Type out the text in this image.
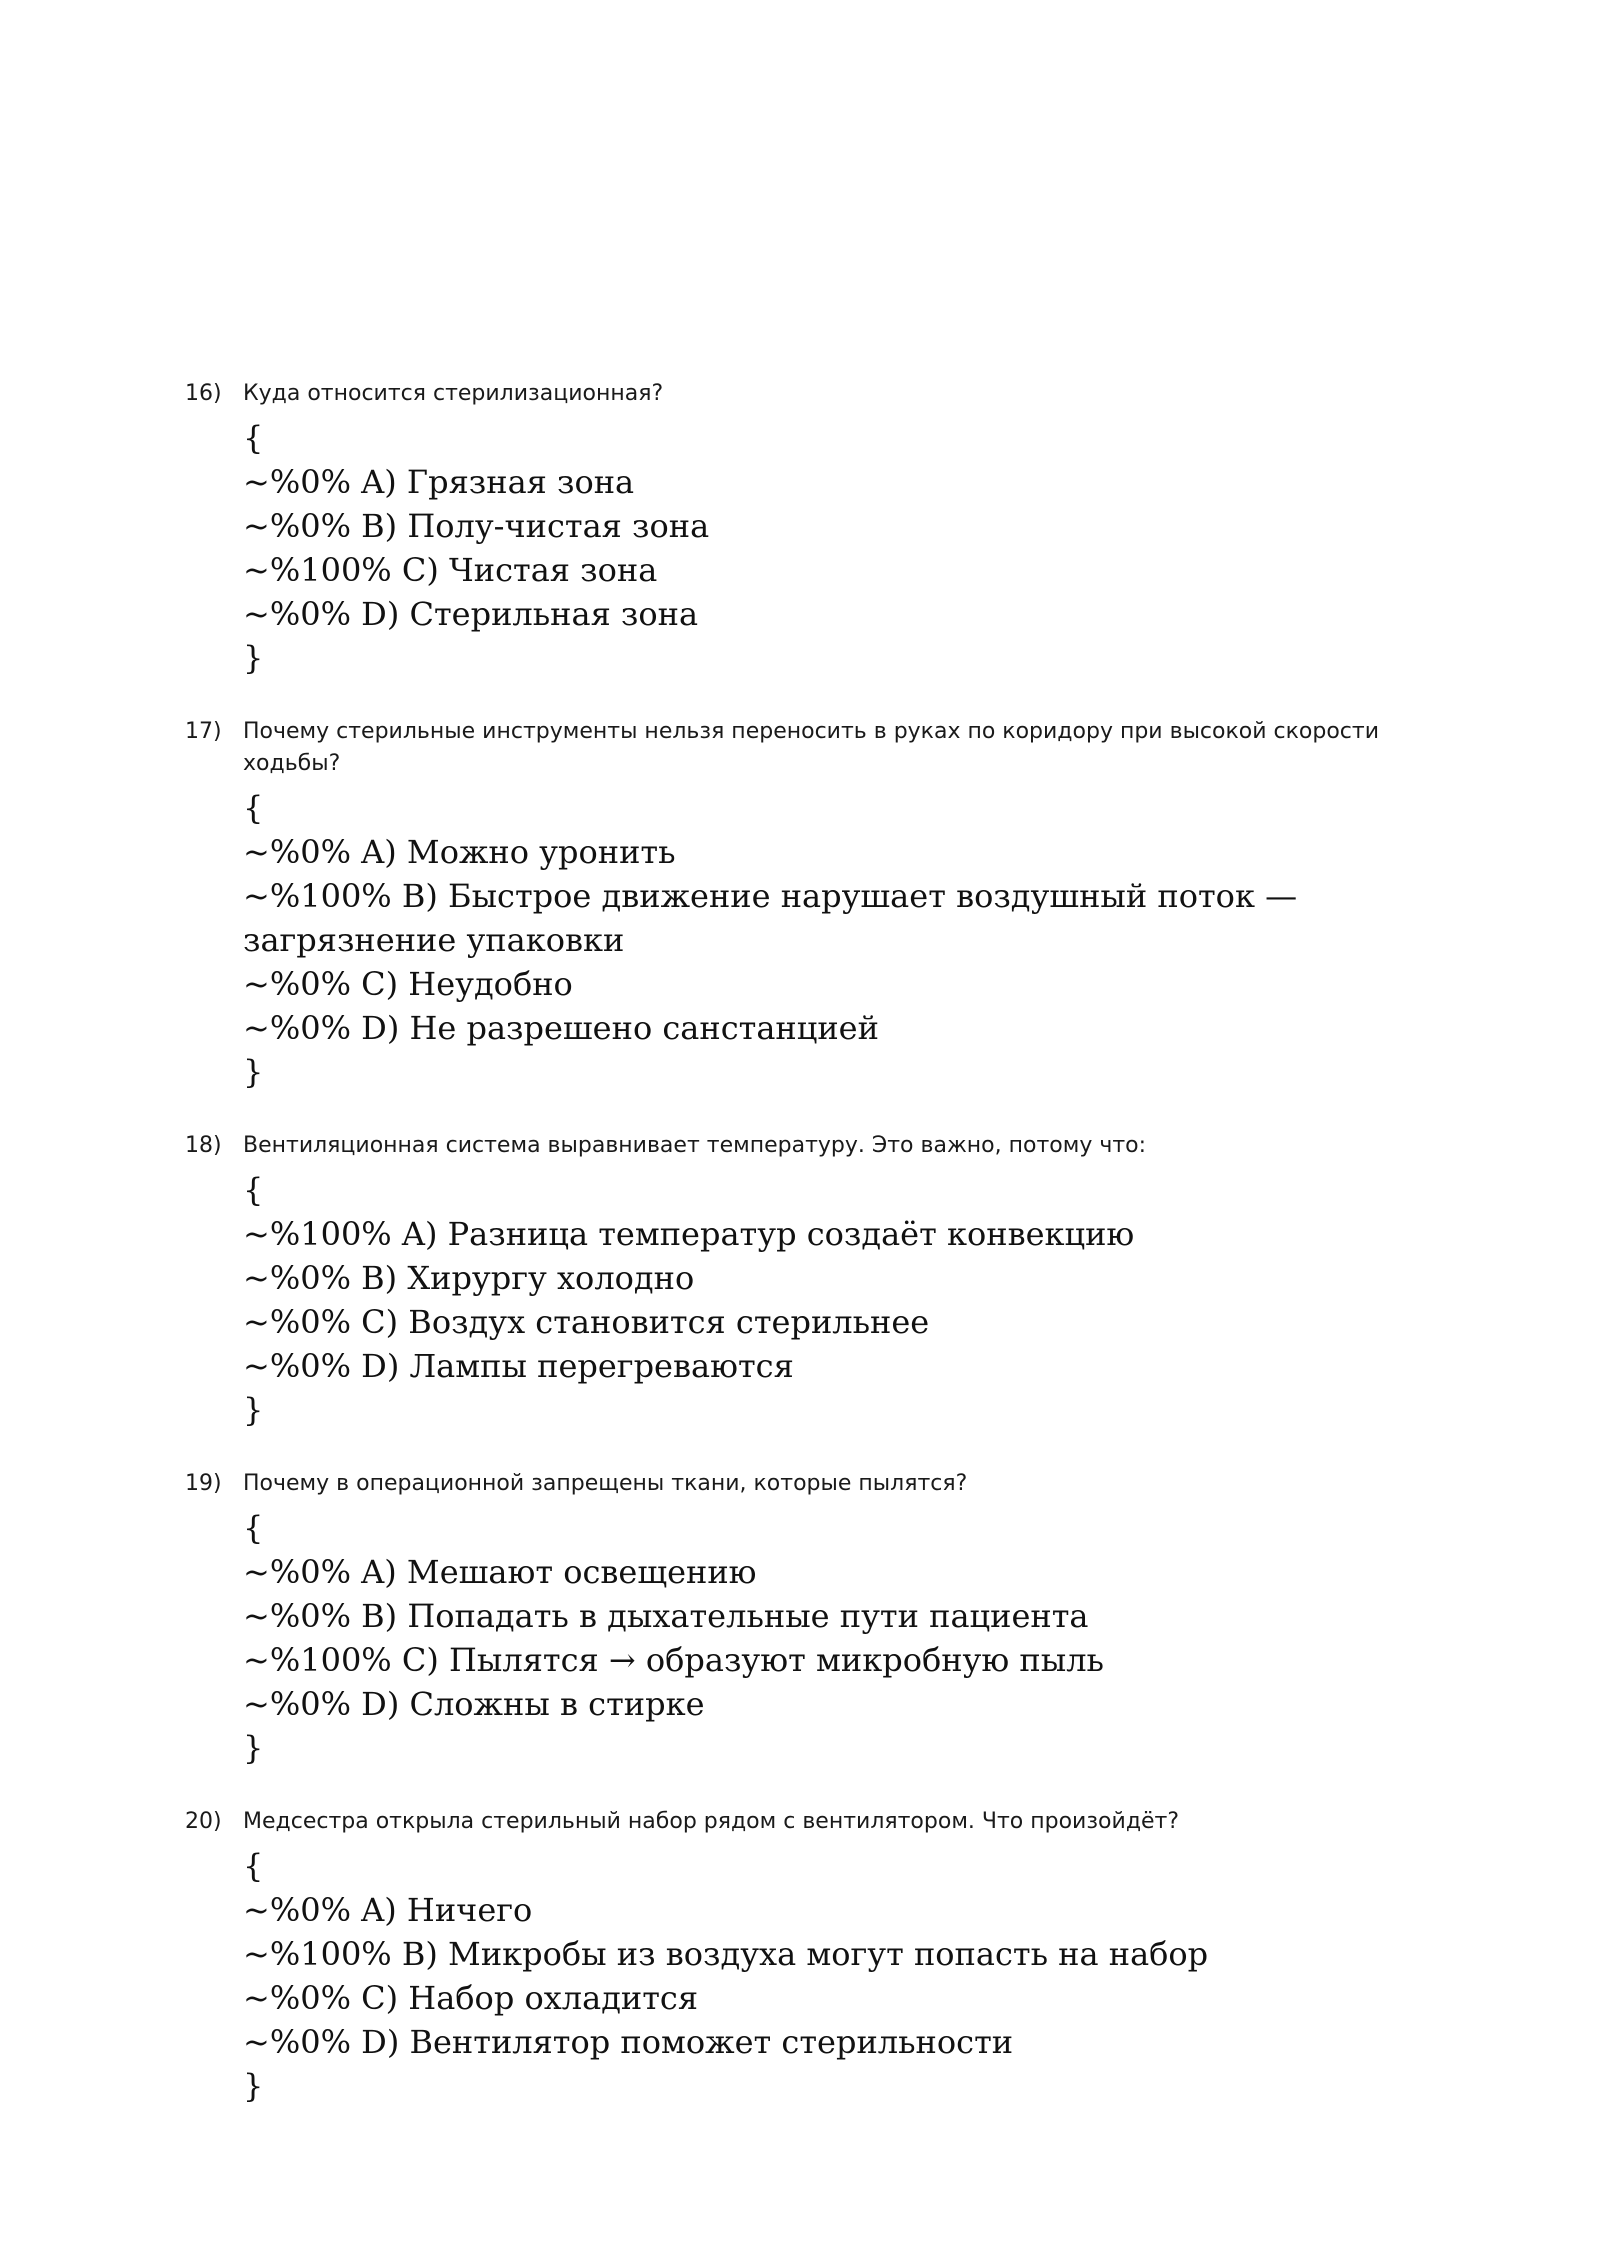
16) Куда относится стерилизационная?
{
~%0% A) Грязная зона
~%0% B) Полу-чистая зона
~%100% C) Чистая зона
~%0% D) Стерильная зона
}
17) Почему стерильные инструменты нельзя переносить в руках по коридору при высокой скорости ходьбы?
{
~%0% A) Можно уронить
~%100% B) Быстрое движение нарушает воздушный поток — загрязнение упаковки
~%0% C) Неудобно
~%0% D) Не разрешено санстанцией
}
18) Вентиляционная система выравнивает температуру. Это важно, потому что:
{
~%100% A) Разница температур создаёт конвекцию
~%0% B) Хирургу холодно
~%0% C) Воздух становится стерильнее
~%0% D) Лампы перегреваются
}
19) Почему в операционной запрещены ткани, которые пылятся?
{
~%0% A) Мешают освещению
~%0% B) Попадать в дыхательные пути пациента
~%100% C) Пылятся → образуют микробную пыль
~%0% D) Сложны в стирке
}
20) Медсестра открыла стерильный набор рядом с вентилятором. Что произойдёт?
{
~%0% A) Ничего
~%100% B) Микробы из воздуха могут попасть на набор
~%0% C) Набор охладится
~%0% D) Вентилятор поможет стерильности
}
